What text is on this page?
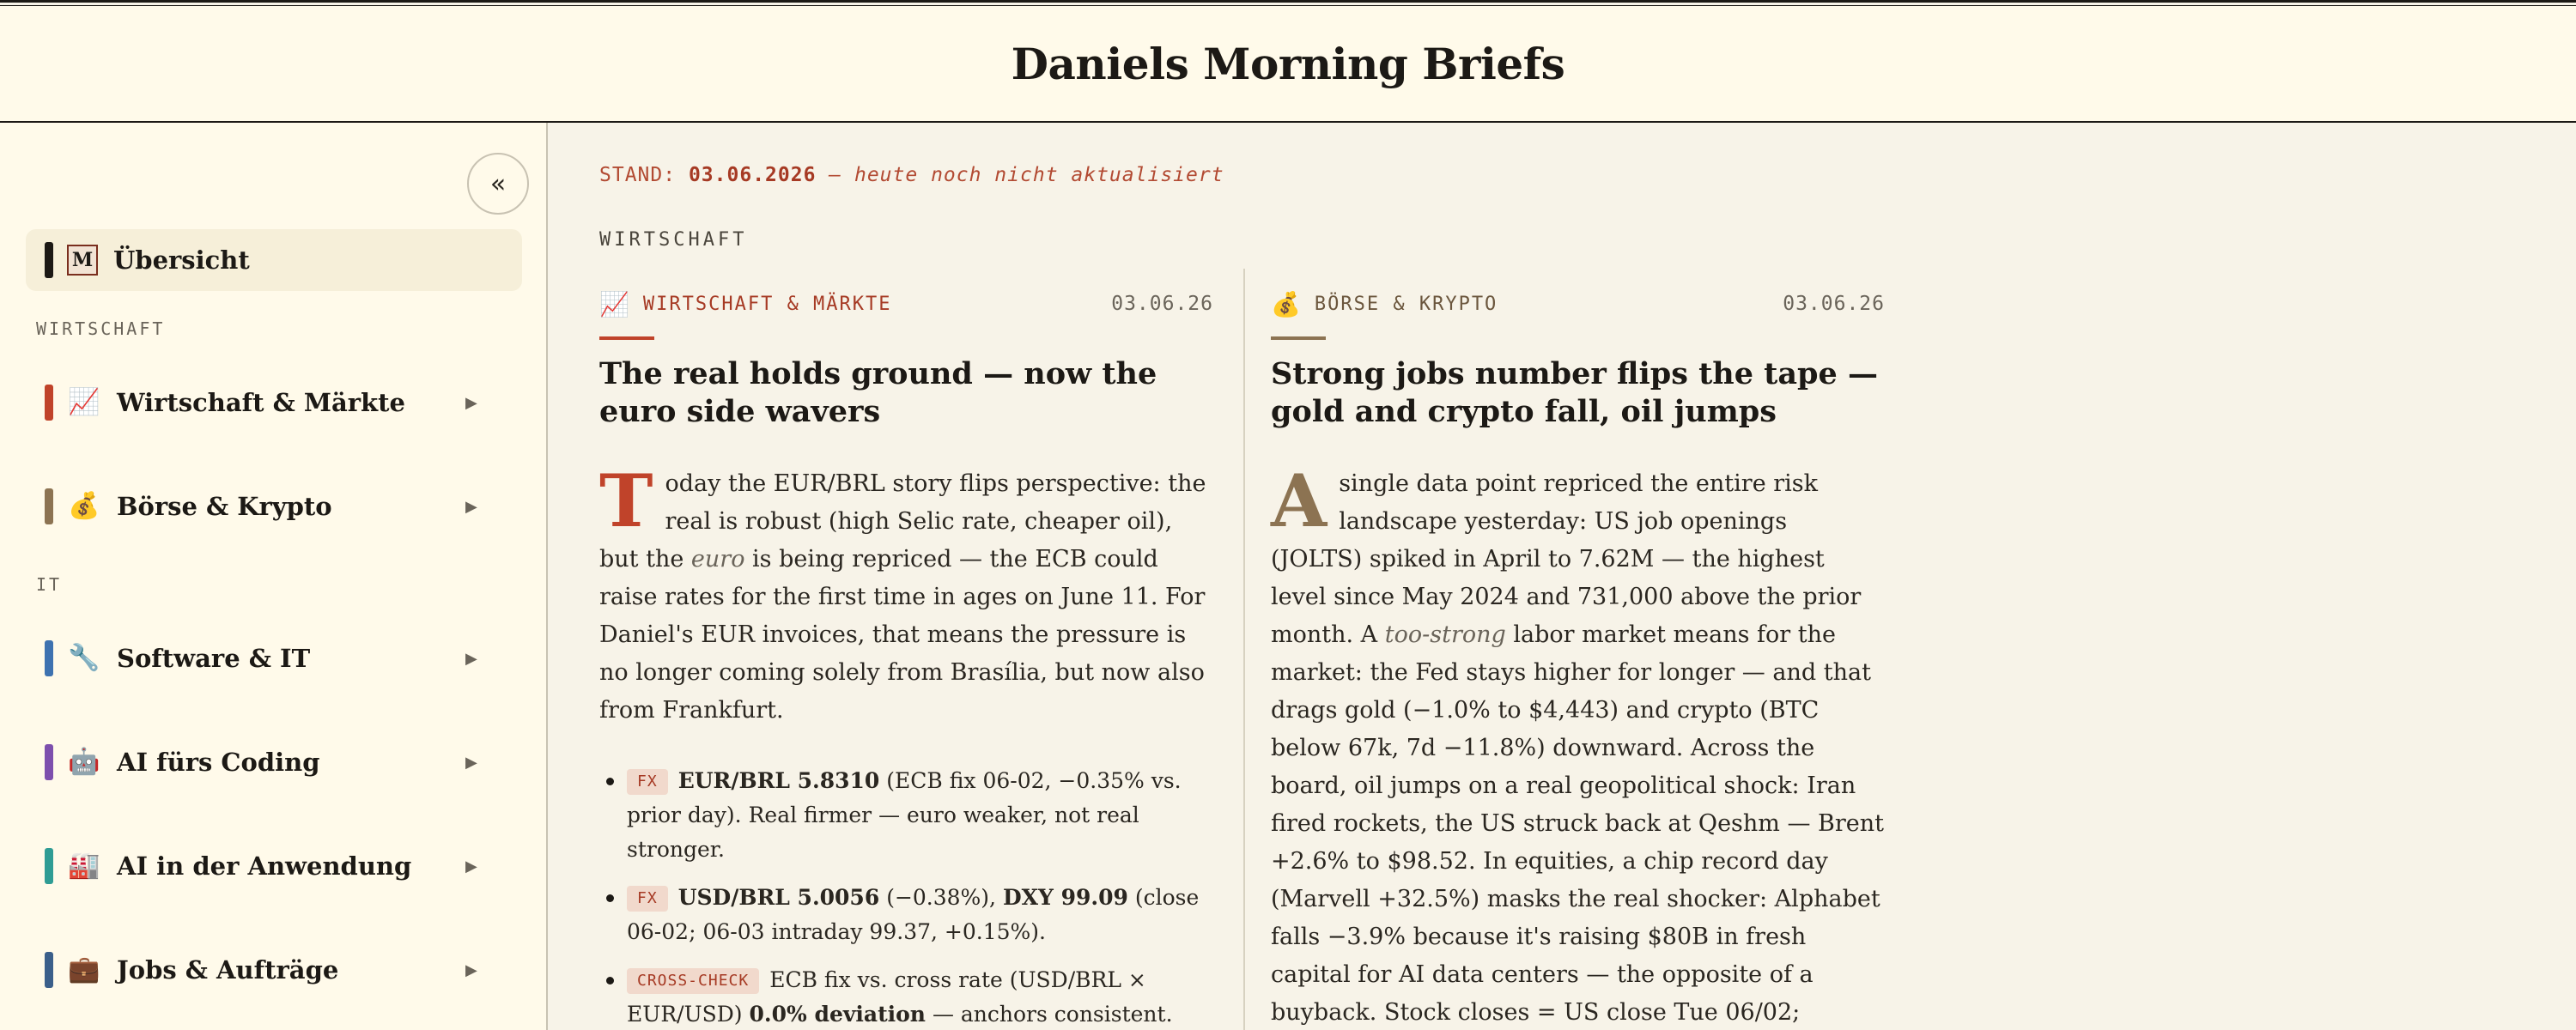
Daniels Morning Briefs
«
M Übersicht
WIRTSCHAFT
📈 Wirtschaft & Märkte	▶
💰 Börse & Krypto	▶
IT
🔧 Software & IT	▶
🤖 AI fürs Coding	▶
🏭 AI in der Anwendung	▶
💼 Jobs & Aufträge	▶
STAND: 03.06.2026 — heute noch nicht aktualisiert
WIRTSCHAFT
📈 WIRTSCHAFT & MÄRKTE	03.06.26
The real holds ground — now the euro side wavers

Today the EUR/BRL story flips perspective: the real is robust (high Selic rate, cheaper oil), but the euro is being repriced — the ECB could raise rates for the first time in ages on June 11. For Daniel's EUR invoices, that means the pressure is no longer coming solely from Brasília, but now also from Frankfurt.

FX EUR/BRL 5.8310 (ECB fix 06-02, −0.35% vs. prior day). Real firmer — euro weaker, not real stronger.
FX USD/BRL 5.0056 (−0.38%), DXY 99.09 (close 06-02; 06-03 intraday 99.37, +0.15%).
CROSS-CHECK ECB fix vs. cross rate (USD/BRL × EUR/USD) 0.0% deviation — anchors consistent.
💰 BÖRSE & KRYPTO	03.06.26
Strong jobs number flips the tape — gold and crypto fall, oil jumps

Asingle data point repriced the entire risk landscape yesterday: US job openings (JOLTS) spiked in April to 7.62M — the highest level since May 2024 and 731,000 above the prior month. A too-strong labor market means for the market: the Fed stays higher for longer — and that drags gold (−1.0% to $4,443) and crypto (BTC below 67k, 7d −11.8%) downward. Across the board, oil jumps on a real geopolitical shock: Iran fired rockets, the US struck back at Qeshm — Brent +2.6% to $98.52. In equities, a chip record day (Marvell +32.5%) masks the real shocker: Alphabet falls −3.9% because it's raising $80B in fresh capital for AI data centers — the opposite of a buyback. Stock closes = US close Tue 06/02;
